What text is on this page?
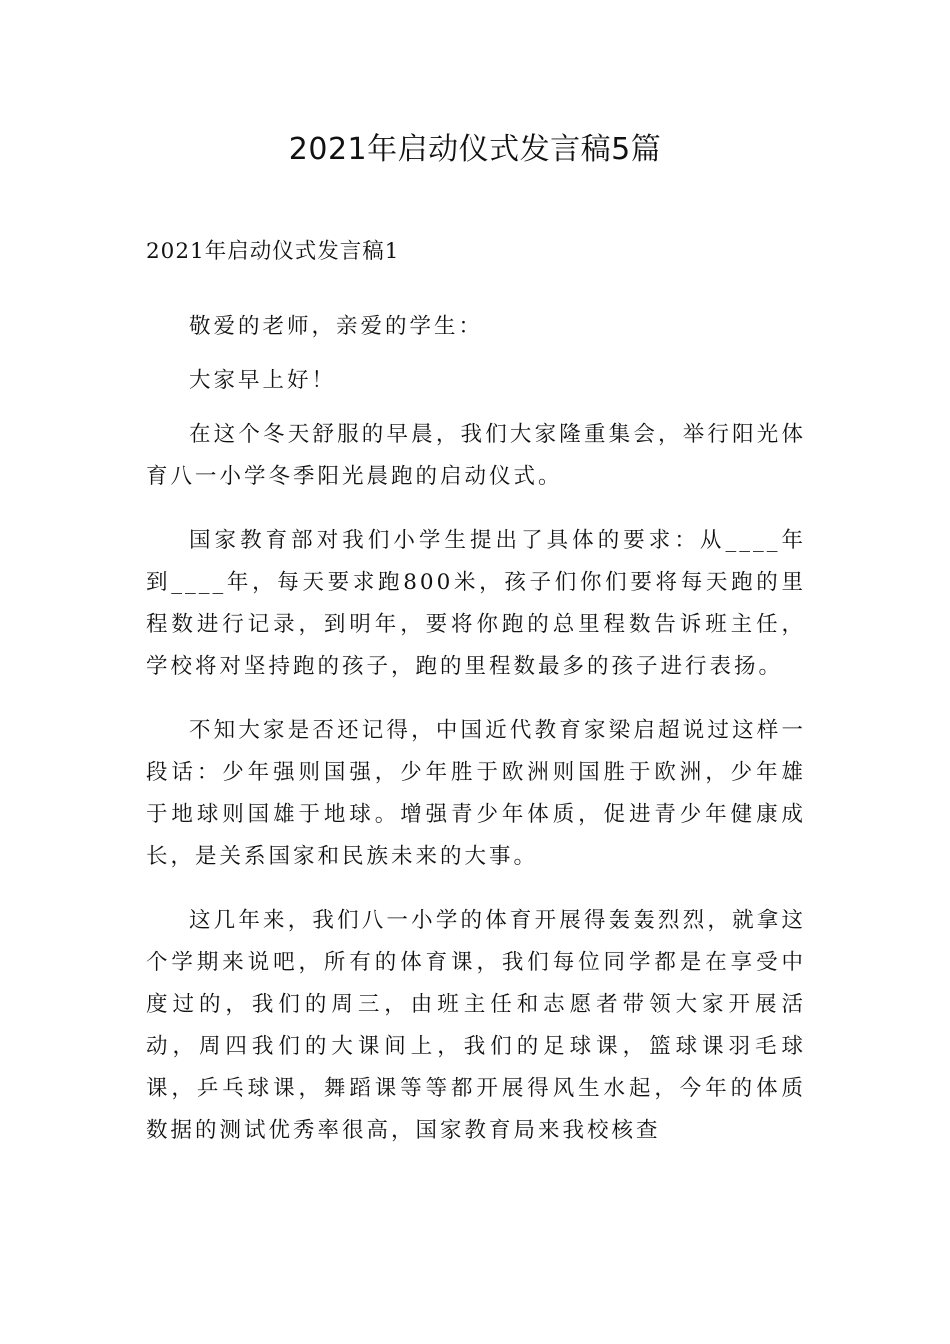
2021年启动仪式发言稿5篇
2021年启动仪式发言稿1

敬爱的老师，亲爱的学生：

大家早上好！

在这个冬天舒服的早晨，我们大家隆重集会，举行阳光体育八一小学冬季阳光晨跑的启动仪式。

国家教育部对我们小学生提出了具体的要求：从____年到____年，每天要求跑800米，孩子们你们要将每天跑的里程数进行记录，到明年，要将你跑的总里程数告诉班主任，学校将对坚持跑的孩子，跑的里程数最多的孩子进行表扬。

不知大家是否还记得，中国近代教育家梁启超说过这样一段话：少年强则国强，少年胜于欧洲则国胜于欧洲，少年雄于地球则国雄于地球。增强青少年体质，促进青少年健康成长，是关系国家和民族未来的大事。

这几年来，我们八一小学的体育开展得轰轰烈烈，就拿这个学期来说吧，所有的体育课，我们每位同学都是在享受中度过的，我们的周三，由班主任和志愿者带领大家开展活动，周四我们的大课间上，我们的足球课，篮球课羽毛球课，乒乓球课，舞蹈课等等都开展得风生水起，今年的体质数据的测试优秀率很高，国家教育局来我校核查
